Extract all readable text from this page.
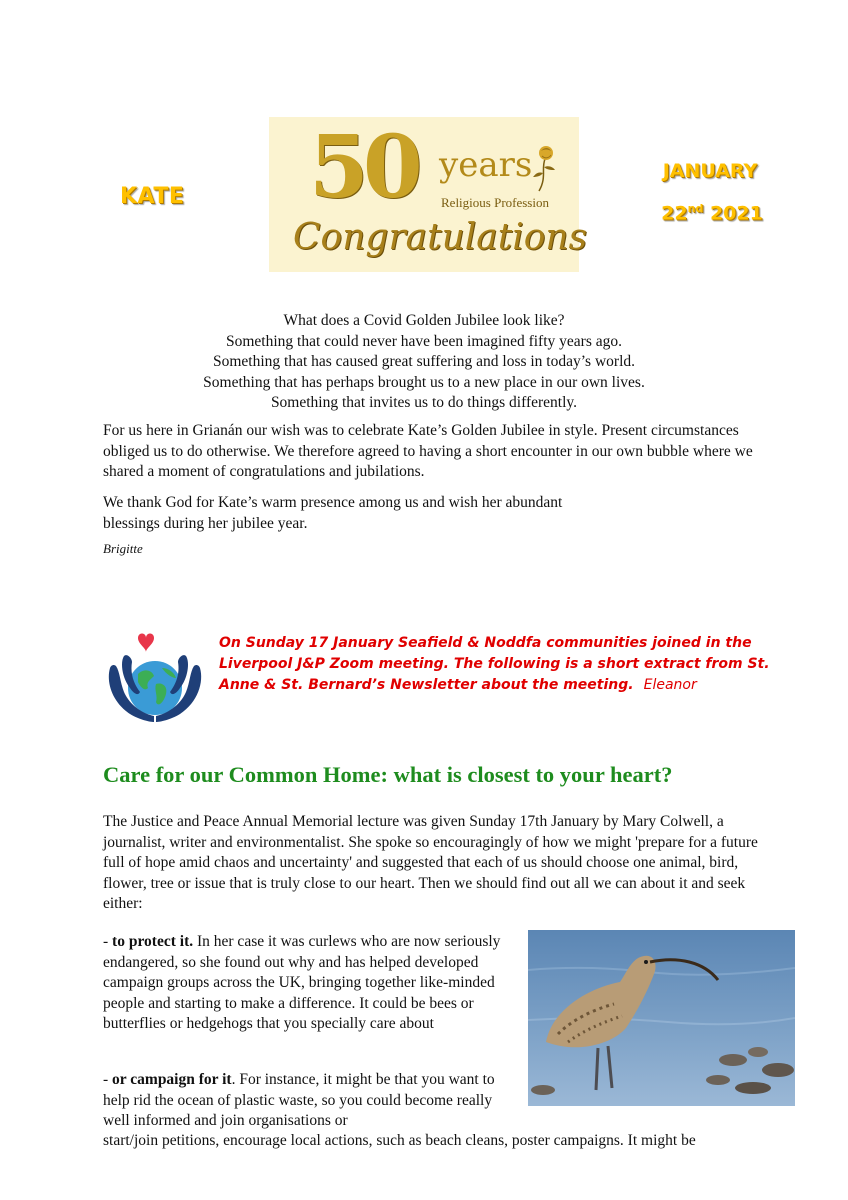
KATE 50 years
Religious Profession
Congratulations
JANUARY
22nd 2021
What does a Covid Golden Jubilee look like?
Something that could never have been imagined fifty years ago.
Something that has caused great suffering and loss in today’s world.
Something that has perhaps brought us to a new place in our own lives.
Something that invites us to do things differently.
For us here in Grianán our wish was to celebrate Kate’s Golden Jubilee in style. Present circumstances obliged us to do otherwise. We therefore agreed to having a short encounter in our own bubble where we shared a moment of congratulations and jubilations.
We thank God for Kate’s warm presence among us and wish her abundant blessings during her jubilee year.
Brigitte
On Sunday 17 January Seafield & Noddfa communities joined in the Liverpool J&P Zoom meeting. The following is a short extract from St. Anne & St. Bernard’s Newsletter about the meeting. Eleanor
Care for our Common Home: what is closest to your heart?
The Justice and Peace Annual Memorial lecture was given Sunday 17th January by Mary Colwell, a journalist, writer and environmentalist. She spoke so encouragingly of how we might 'prepare for a future full of hope amid chaos and uncertainty' and suggested that each of us should choose one animal, bird, flower, tree or issue that is truly close to our heart. Then we should find out all we can about it and seek either:
- to protect it. In her case it was curlews who are now seriously endangered, so she found out why and has helped developed campaign groups across the UK, bringing together like-minded people and starting to make a difference. It could be bees or butterflies or hedgehogs that you specially care about
- or campaign for it. For instance, it might be that you want to help rid the ocean of plastic waste, so you could become really well informed and join organisations or
start/join petitions, encourage local actions, such as beach cleans, poster campaigns. It might be
